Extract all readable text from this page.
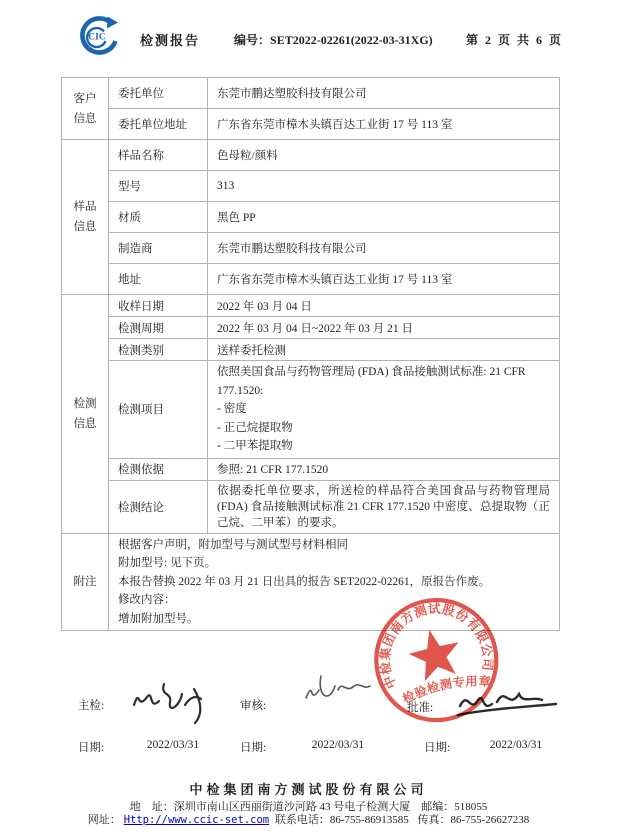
CIC	检测报告	编号：SET2022-02261(2022-03-31XG)	第 2 页 共 6 页
客户信息	委托单位	东莞市鹏达塑胶科技有限公司
	委托单位地址	广东省东莞市樟木头镇百达工业街 17 号 113 室
样品信息	样品名称	色母粒/颜料
	型号	313
	材质	黑色 PP
	制造商	东莞市鹏达塑胶科技有限公司
	地址	广东省东莞市樟木头镇百达工业街 17 号 113 室
检测信息	收样日期	2022 年 03 月 04 日
	检测周期	2022 年 03 月 04 日~2022 年 03 月 21 日
	检测类别	送样委托检测
	检测项目	依照美国食品与药物管理局 (FDA) 食品接触测试标准: 21 CFR
177.1520:
- 密度
- 正己烷提取物
- 二甲苯提取物

	检测依据	参照: 21 CFR 177.1520
	检测结论	依据委托单位要求，所送检的样品符合美国食品与药物管理局 (FDA) 食品接触测试标准 21 CFR 177.1520 中密度、总提取物（正己烷、二甲苯）的要求。
附注	根据客户声明，附加型号与测试型号材料相同
附加型号: 见下页。
本报告替换 2022 年 03 月 21 日出具的报告 SET2022-02261，原报告作废。
修改内容：
增加附加型号。	
主检:	审核:	批准:
日期:	2022/03/31	日期:	2022/03/31	日期:	2022/03/31
中检集团南方测试股份有限公司
检验检测专用章
中检集团南方测试股份有限公司
地　址：深圳市南山区西丽街道沙河路 43 号电子检测大厦　邮编：518055
网址： Http://www.ccic-set.com 联系电话：86-755-86913585 传真：86-755-26627238
